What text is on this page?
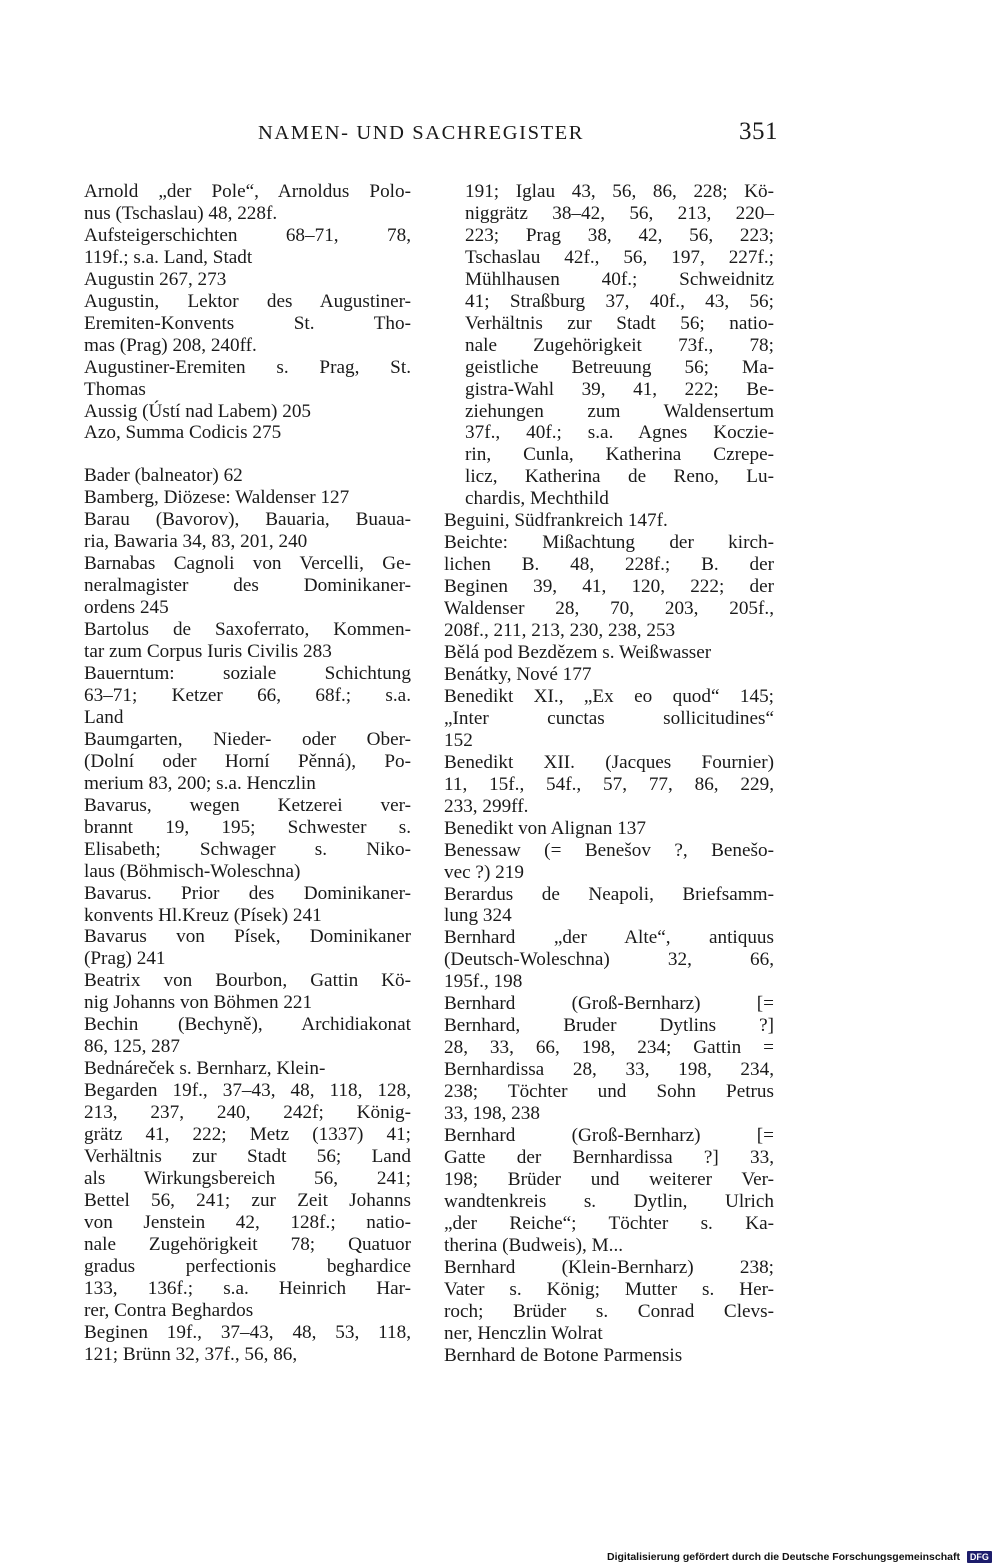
NAMEN- UND SACHREGISTER	351
Arnold „der Pole“, Arnoldus Polo-
nus (Tschaslau) 48, 228f.
Aufsteigerschichten 68–71, 78,
119f.; s.a. Land, Stadt
Augustin 267, 273
Augustin, Lektor des Augustiner-
Eremiten-Konvents St. Tho-
mas (Prag) 208, 240ff.
Augustiner-Eremiten s. Prag, St.
Thomas
Aussig (Ústí nad Labem) 205
Azo, Summa Codicis 275
Bader (balneator) 62
Bamberg, Diözese: Waldenser 127
Barau (Bavorov), Bauaria, Buaua-
ria, Bawaria 34, 83, 201, 240
Barnabas Cagnoli von Vercelli, Ge-
neralmagister des Dominikaner-
ordens 245
Bartolus de Saxoferrato, Kommen-
tar zum Corpus Iuris Civilis 283
Bauerntum: soziale Schichtung
63–71; Ketzer 66, 68f.; s.a.
Land
Baumgarten, Nieder- oder Ober-
(Dolní oder Horní Pěnná), Po-
merium 83, 200; s.a. Henczlin
Bavarus, wegen Ketzerei ver-
brannt 19, 195; Schwester s.
Elisabeth; Schwager s. Niko-
laus (Böhmisch-Woleschna)
Bavarus. Prior des Dominikaner-
konvents Hl.Kreuz (Písek) 241
Bavarus von Písek, Dominikaner
(Prag) 241
Beatrix von Bourbon, Gattin Kö-
nig Johanns von Böhmen 221
Bechin (Bechyně), Archidiakonat
86, 125, 287
Bednáreček s. Bernharz, Klein-
Begarden 19f., 37–43, 48, 118, 128,
213, 237, 240, 242f; König-
grätz 41, 222; Metz (1337) 41;
Verhältnis zur Stadt 56; Land
als Wirkungsbereich 56, 241;
Bettel 56, 241; zur Zeit Johanns
von Jenstein 42, 128f.; natio-
nale Zugehörigkeit 78; Quatuor
gradus perfectionis beghardice
133, 136f.; s.a. Heinrich Har-
rer, Contra Beghardos
Beginen 19f., 37–43, 48, 53, 118,
121; Brünn 32, 37f., 56, 86,
191; Iglau 43, 56, 86, 228; Kö-
niggrätz 38–42, 56, 213, 220–
223; Prag 38, 42, 56, 223;
Tschaslau 42f., 56, 197, 227f.;
Mühlhausen 40f.; Schweidnitz
41; Straßburg 37, 40f., 43, 56;
Verhältnis zur Stadt 56; natio-
nale Zugehörigkeit 73f., 78;
geistliche Betreuung 56; Ma-
gistra-Wahl 39, 41, 222; Be-
ziehungen zum Waldensertum
37f., 40f.; s.a. Agnes Koczie-
rin, Cunla, Katherina Czrepe-
licz, Katherina de Reno, Lu-
chardis, Mechthild
Beguini, Südfrankreich 147f.
Beichte: Mißachtung der kirch-
lichen B. 48, 228f.; B. der
Beginen 39, 41, 120, 222; der
Waldenser 28, 70, 203, 205f.,
208f., 211, 213, 230, 238, 253
Bělá pod Bezdězem s. Weißwasser
Benátky, Nové 177
Benedikt XI., „Ex eo quod“ 145;
„Inter cunctas sollicitudines“
152
Benedikt XII. (Jacques Fournier)
11, 15f., 54f., 57, 77, 86, 229,
233, 299ff.
Benedikt von Alignan 137
Benessaw (= Benešov ?, Benešo-
vec ?) 219
Berardus de Neapoli, Briefsamm-
lung 324
Bernhard „der Alte“, antiquus
(Deutsch-Woleschna) 32, 66,
195f., 198
Bernhard (Groß-Bernharz) [=
Bernhard, Bruder Dytlins ?]
28, 33, 66, 198, 234; Gattin =
Bernhardissa 28, 33, 198, 234,
238; Töchter und Sohn Petrus
33, 198, 238
Bernhard (Groß-Bernharz) [=
Gatte der Bernhardissa ?] 33,
198; Brüder und weiterer Ver-
wandtenkreis s. Dytlin, Ulrich
„der Reiche“; Töchter s. Ka-
therina (Budweis), M...
Bernhard (Klein-Bernharz) 238;
Vater s. König; Mutter s. Her-
roch; Brüder s. Conrad Clevs-
ner, Henczlin Wolrat
Bernhard de Botone Parmensis
Digitalisierung gefördert durch die Deutsche Forschungsgemeinschaft DFG
